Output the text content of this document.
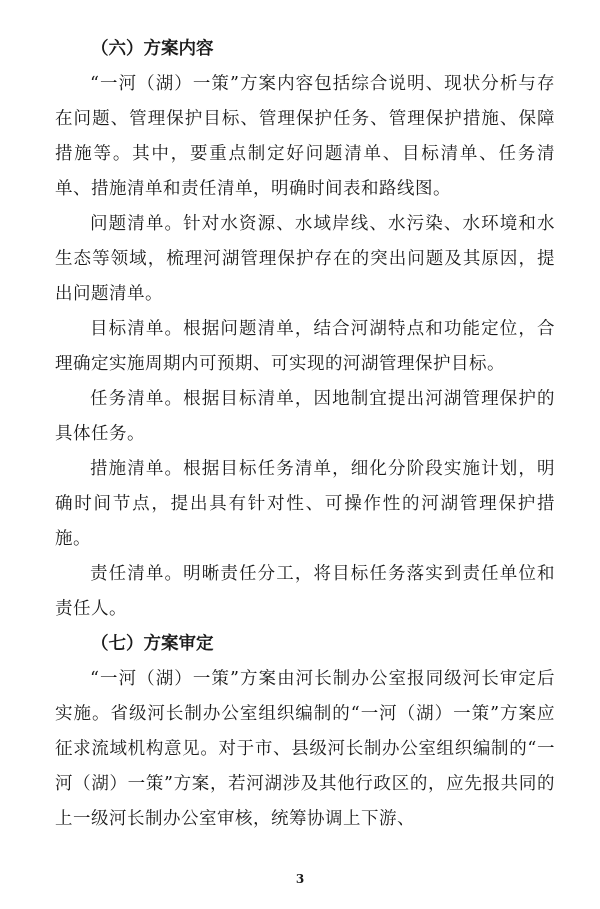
（六）方案内容

“一河（湖）一策”方案内容包括综合说明、现状分析与存在问题、管理保护目标、管理保护任务、管理保护措施、保障措施等。其中，要重点制定好问题清单、目标清单、任务清单、措施清单和责任清单，明确时间表和路线图。

问题清单。针对水资源、水域岸线、水污染、水环境和水生态等领域，梳理河湖管理保护存在的突出问题及其原因，提出问题清单。

目标清单。根据问题清单，结合河湖特点和功能定位，合理确定实施周期内可预期、可实现的河湖管理保护目标。

任务清单。根据目标清单，因地制宜提出河湖管理保护的具体任务。

措施清单。根据目标任务清单，细化分阶段实施计划，明确时间节点，提出具有针对性、可操作性的河湖管理保护措施。

责任清单。明晰责任分工，将目标任务落实到责任单位和责任人。

（七）方案审定

“一河（湖）一策”方案由河长制办公室报同级河长审定后实施。省级河长制办公室组织编制的“一河（湖）一策”方案应征求流域机构意见。对于市、县级河长制办公室组织编制的“一河（湖）一策”方案，若河湖涉及其他行政区的，应先报共同的上一级河长制办公室审核，统筹协调上下游、

3
